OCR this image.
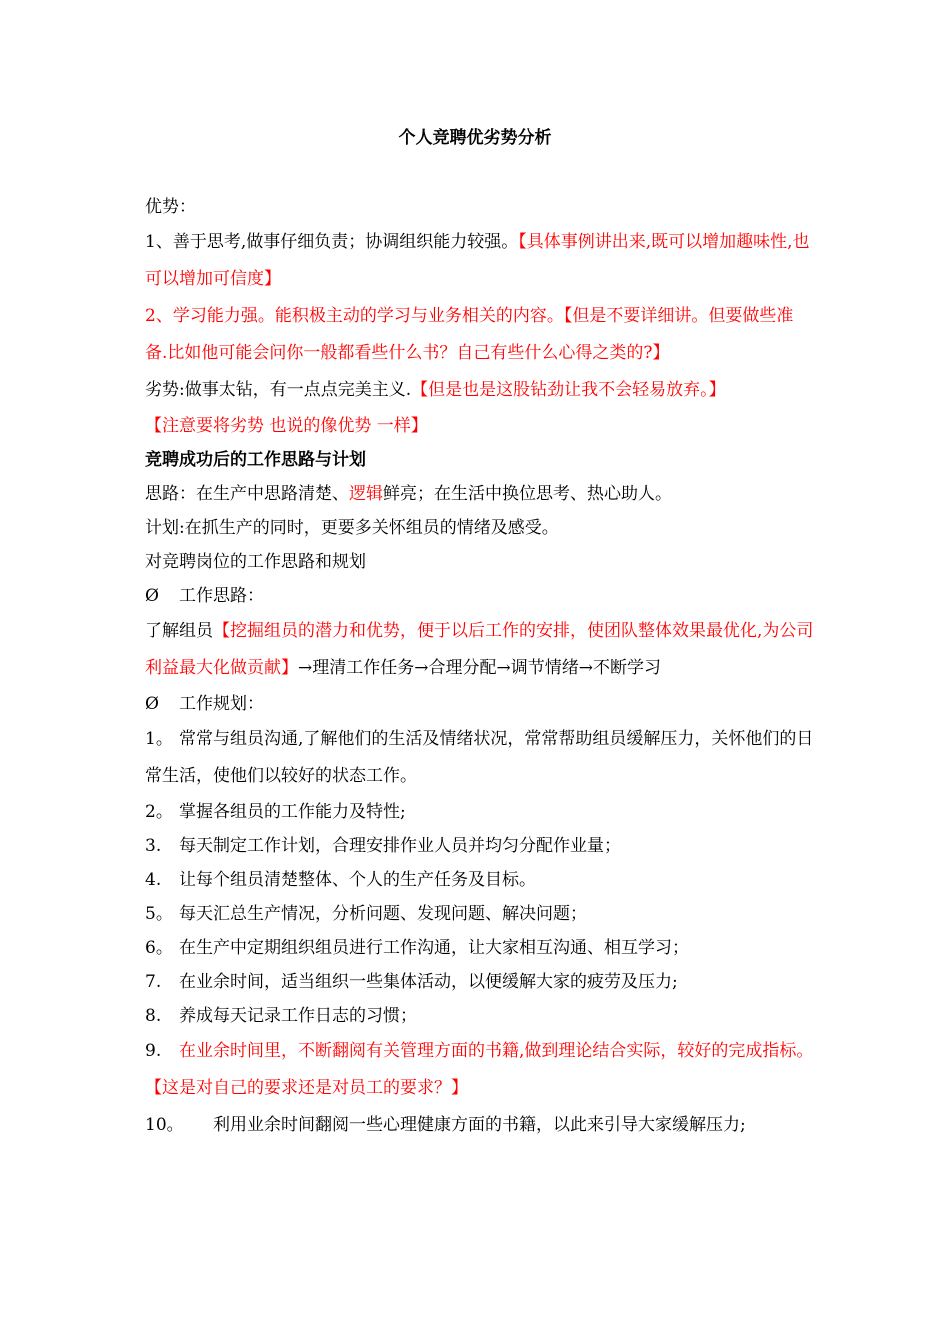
个人竞聘优劣势分析

优势：

1、善于思考,做事仔细负责；协调组织能力较强。【具体事例讲出来,既可以增加趣味性,也可以增加可信度】

2、学习能力强。能积极主动的学习与业务相关的内容。【但是不要详细讲。但要做些准备.比如他可能会问你一般都看些什么书？自己有些什么心得之类的?】

劣势:做事太钻，有一点点完美主义.【但是也是这股钻劲让我不会轻易放弃。】

【注意要将劣势 也说的像优势 一样】

竞聘成功后的工作思路与计划

思路：在生产中思路清楚、逻辑鲜亮；在生活中换位思考、热心助人。

计划:在抓生产的同时，更要多关怀组员的情绪及感受。

对竞聘岗位的工作思路和规划

Ø 工作思路：

了解组员【挖掘组员的潜力和优势，便于以后工作的安排，使团队整体效果最优化,为公司利益最大化做贡献】→理清工作任务→合理分配→调节情绪→不断学习

Ø 工作规划：

1。 常常与组员沟通,了解他们的生活及情绪状况，常常帮助组员缓解压力，关怀他们的日常生活，使他们以较好的状态工作。

2。 掌握各组员的工作能力及特性;

3. 每天制定工作计划，合理安排作业人员并均匀分配作业量；

4. 让每个组员清楚整体、个人的生产任务及目标。

5。 每天汇总生产情况，分析问题、发现问题、解决问题；

6。 在生产中定期组织组员进行工作沟通，让大家相互沟通、相互学习；

7. 在业余时间，适当组织一些集体活动，以便缓解大家的疲劳及压力;

8. 养成每天记录工作日志的习惯；

9. 在业余时间里，不断翻阅有关管理方面的书籍,做到理论结合实际，较好的完成指标。【这是对自己的要求还是对员工的要求？】

10。 利用业余时间翻阅一些心理健康方面的书籍，以此来引导大家缓解压力;
